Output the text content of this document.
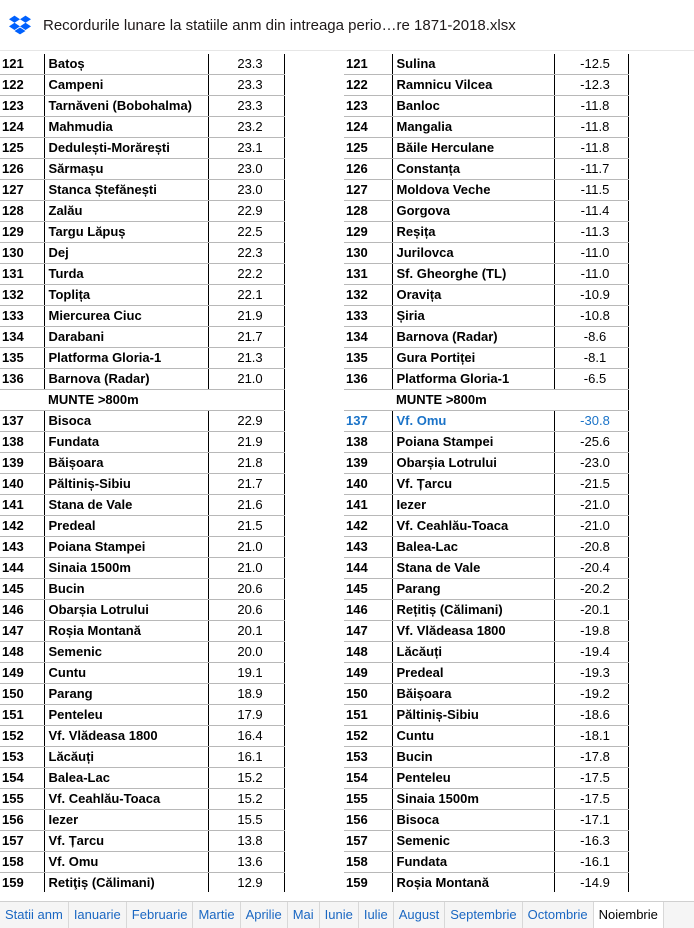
Recordurile lunare la statiile anm din intreaga perio…re 1871-2018.xlsx
121	Batoș	23.3
122	Campeni	23.3
123	Tarnăveni (Bobohalma)	23.3
124	Mahmudia	23.2
125	Dedulești-Morărești	23.1
126	Sărmașu	23.0
127	Stanca Ștefănești	23.0
128	Zalău	22.9
129	Targu Lăpuș	22.5
130	Dej	22.3
131	Turda	22.2
132	Toplița	22.1
133	Miercurea Ciuc	21.9
134	Darabani	21.7
135	Platforma Gloria-1	21.3
136	Barnova (Radar)	21.0
	MUNTE >800m	
137	Bisoca	22.9
138	Fundata	21.9
139	Băișoara	21.8
140	Păltiniș-Sibiu	21.7
141	Stana de Vale	21.6
142	Predeal	21.5
143	Poiana Stampei	21.0
144	Sinaia 1500m	21.0
145	Bucin	20.6
146	Obarșia Lotrului	20.6
147	Roșia Montană	20.1
148	Semenic	20.0
149	Cuntu	19.1
150	Parang	18.9
151	Penteleu	17.9
152	Vf. Vlădeasa 1800	16.4
153	Lăcăuți	16.1
154	Balea-Lac	15.2
155	Vf. Ceahlău-Toaca	15.2
156	Iezer	15.5
157	Vf. Țarcu	13.8
158	Vf. Omu	13.6
159	Retiţiș (Călimani)	12.9
121	Sulina	-12.5
122	Ramnicu Vilcea	-12.3
123	Banloc	-11.8
124	Mangalia	-11.8
125	Băile Herculane	-11.8
126	Constanța	-11.7
127	Moldova Veche	-11.5
128	Gorgova	-11.4
129	Reșița	-11.3
130	Jurilovca	-11.0
131	Sf. Gheorghe (TL)	-11.0
132	Oravița	-10.9
133	Șiria	-10.8
134	Barnova (Radar)	-8.6
135	Gura Portiței	-8.1
136	Platforma Gloria-1	-6.5
	MUNTE >800m	
137	Vf. Omu	-30.8
138	Poiana Stampei	-25.6
139	Obarșia Lotrului	-23.0
140	Vf. Țarcu	-21.5
141	Iezer	-21.0
142	Vf. Ceahlău-Toaca	-21.0
143	Balea-Lac	-20.8
144	Stana de Vale	-20.4
145	Parang	-20.2
146	Rețitiș (Călimani)	-20.1
147	Vf. Vlădeasa 1800	-19.8
148	Lăcăuți	-19.4
149	Predeal	-19.3
150	Băișoara	-19.2
151	Păltiniș-Sibiu	-18.6
152	Cuntu	-18.1
153	Bucin	-17.8
154	Penteleu	-17.5
155	Sinaia 1500m	-17.5
156	Bisoca	-17.1
157	Semenic	-16.3
158	Fundata	-16.1
159	Roșia Montană	-14.9
Statii anm Ianuarie Februarie Martie Aprilie Mai Iunie Iulie August Septembrie Octombrie Noiembrie
